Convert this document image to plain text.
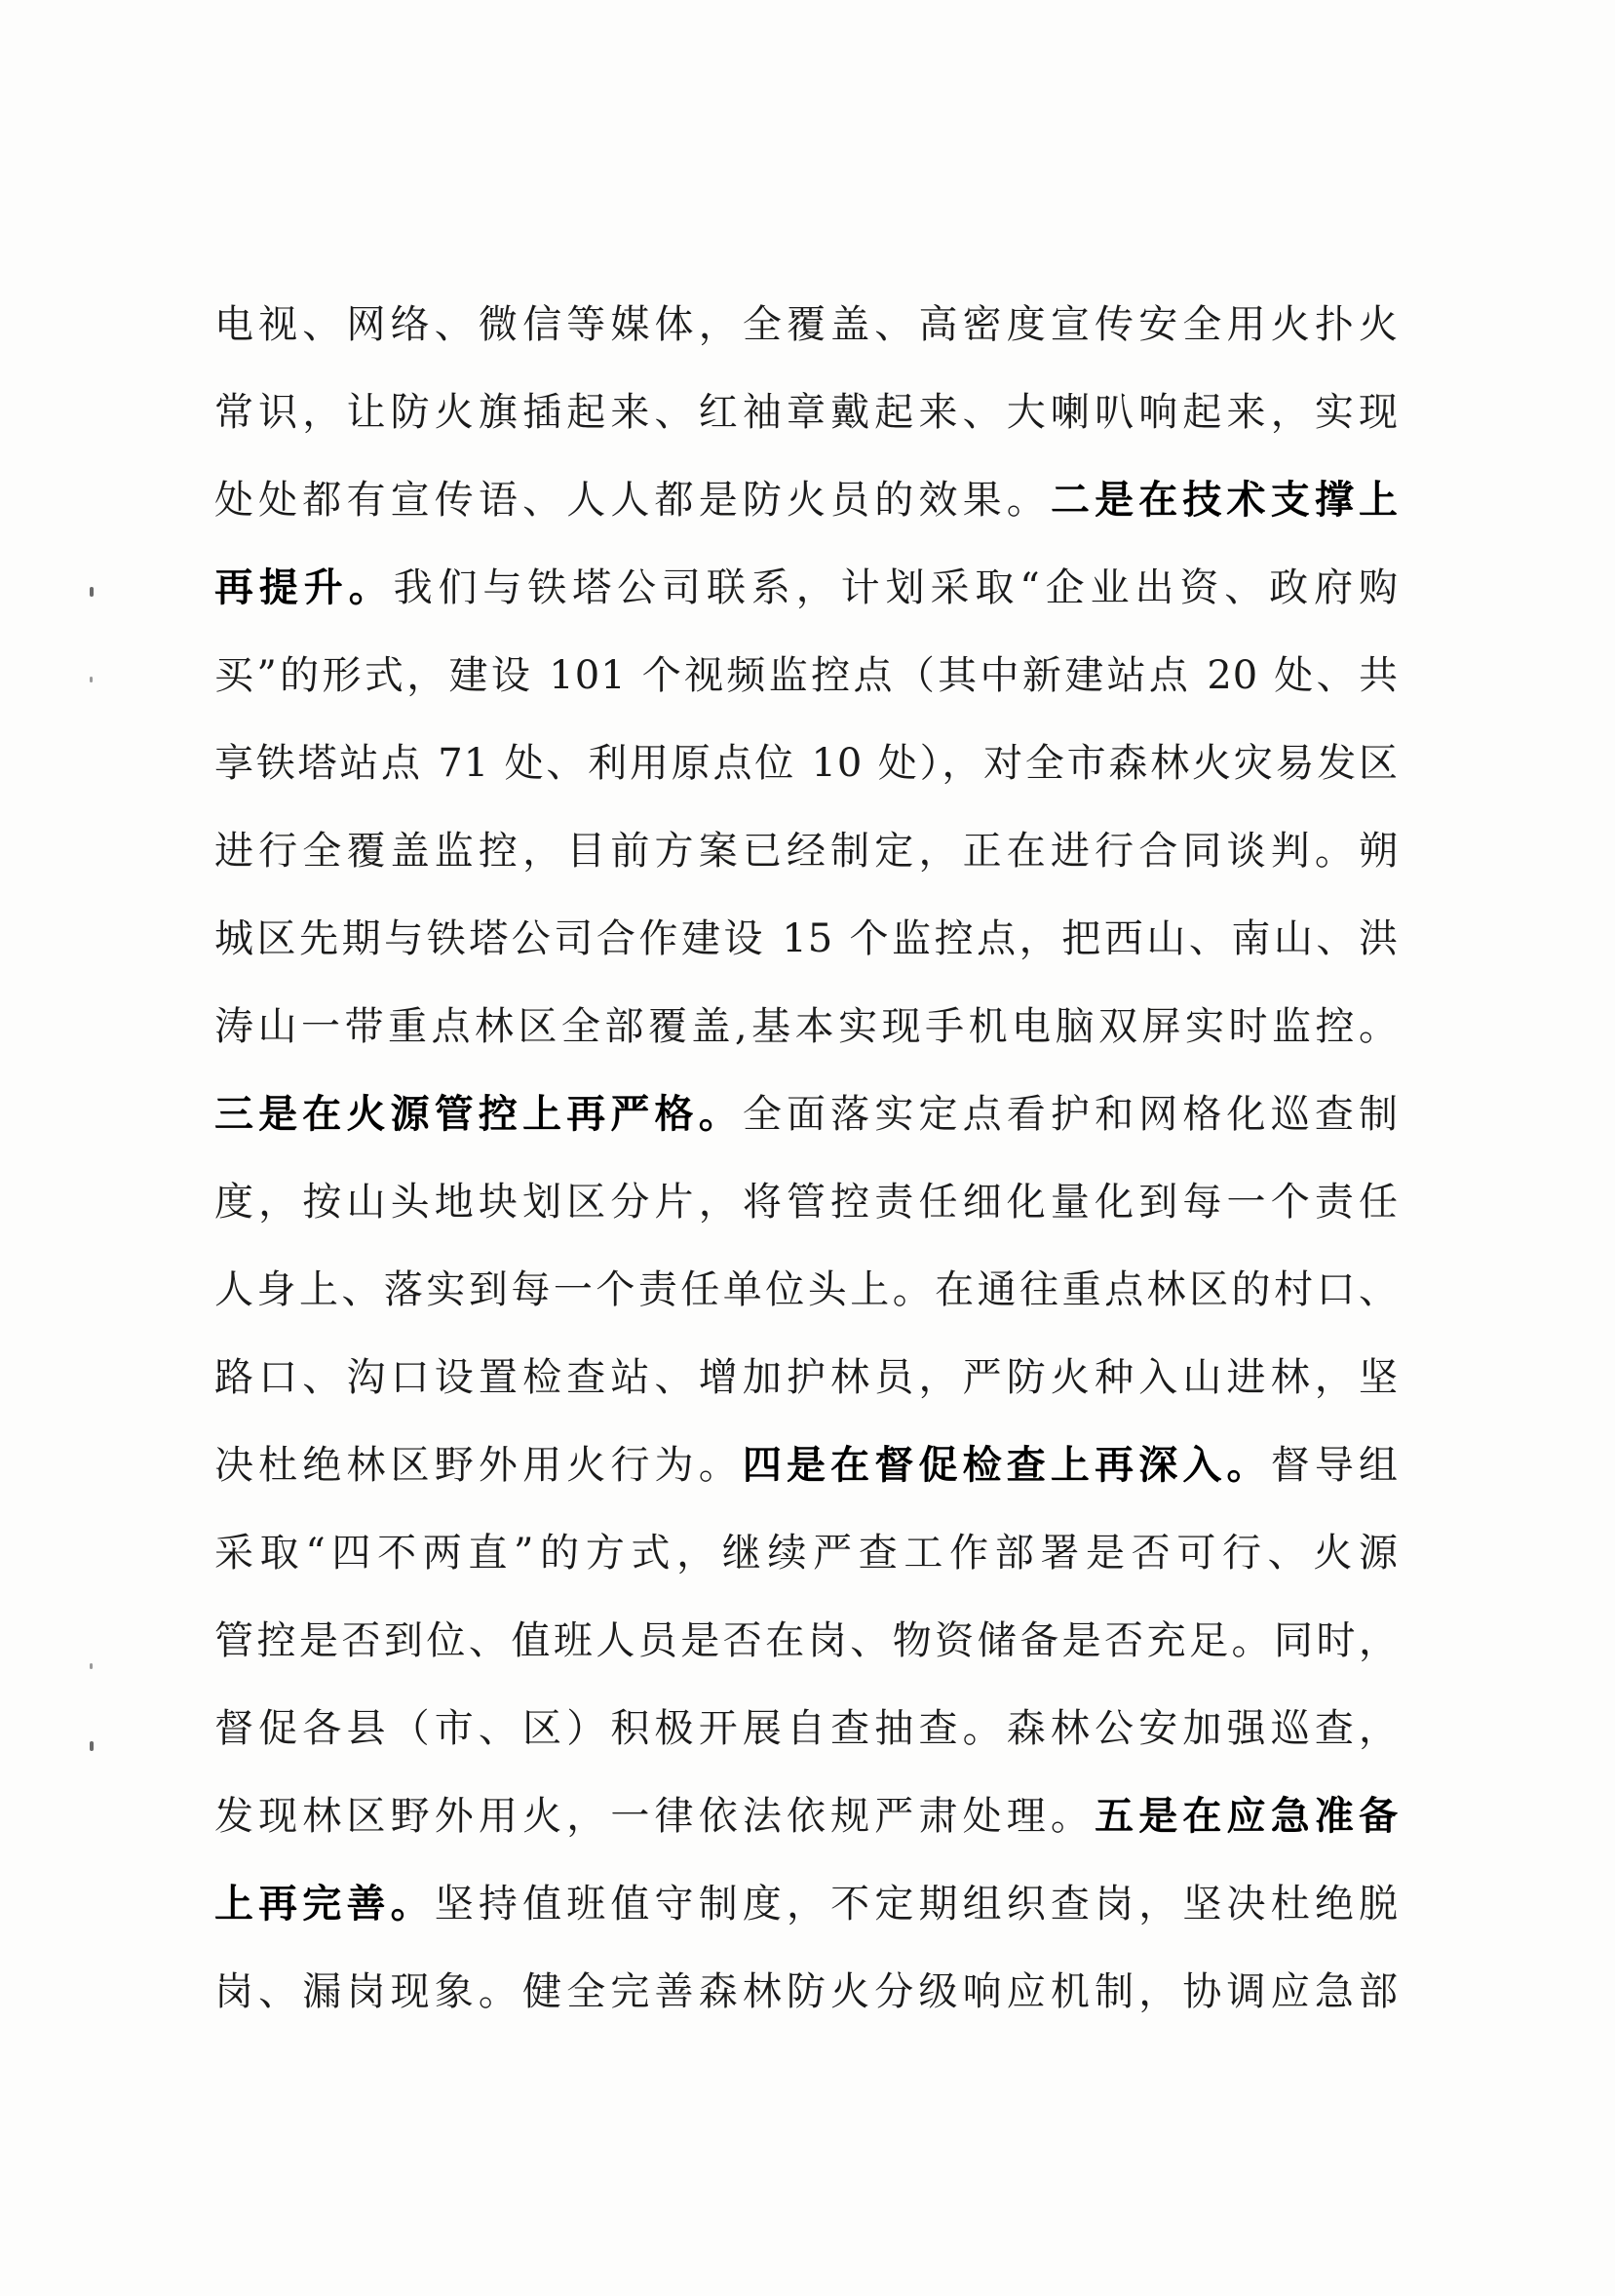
电视、网络、微信等媒体，全覆盖、高密度宣传安全用火扑火
常识，让防火旗插起来、红袖章戴起来、大喇叭响起来，实现
处处都有宣传语、人人都是防火员的效果。二是在技术支撑上
再提升。我们与铁塔公司联系，计划采取“企业出资、政府购
买”的形式，建设 101 个视频监控点（其中新建站点 20 处、共
享铁塔站点 71 处、利用原点位 10 处），对全市森林火灾易发区
进行全覆盖监控，目前方案已经制定，正在进行合同谈判。朔
城区先期与铁塔公司合作建设 15 个监控点，把西山、南山、洪
涛山一带重点林区全部覆盖,基本实现手机电脑双屏实时监控。
三是在火源管控上再严格。全面落实定点看护和网格化巡查制
度，按山头地块划区分片，将管控责任细化量化到每一个责任
人身上、落实到每一个责任单位头上。在通往重点林区的村口、
路口、沟口设置检查站、增加护林员，严防火种入山进林，坚
决杜绝林区野外用火行为。四是在督促检查上再深入。督导组
采取“四不两直”的方式，继续严查工作部署是否可行、火源
管控是否到位、值班人员是否在岗、物资储备是否充足。同时，
督促各县（市、区）积极开展自查抽查。森林公安加强巡查，
发现林区野外用火，一律依法依规严肃处理。五是在应急准备
上再完善。坚持值班值守制度，不定期组织查岗，坚决杜绝脱
岗、漏岗现象。健全完善森林防火分级响应机制，协调应急部
